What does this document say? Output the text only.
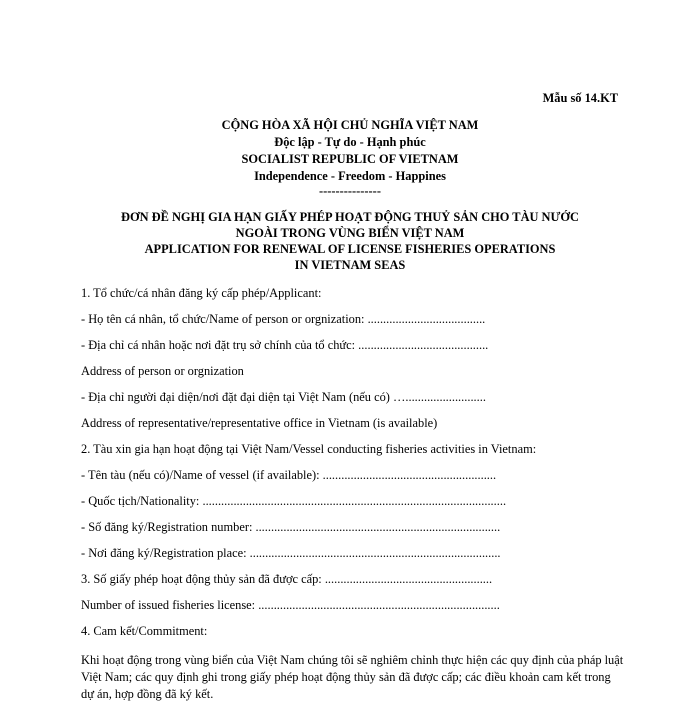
Mẫu số 14.KT
CỘNG HÒA XÃ HỘI CHỦ NGHĨA VIỆT NAM
Độc lập - Tự do - Hạnh phúc
SOCIALIST REPUBLIC OF VIETNAM
Independence - Freedom - Happines
---------------
ĐƠN ĐỀ NGHỊ GIA HẠN GIẤY PHÉP HOẠT ĐỘNG THUỶ SẢN CHO TÀU NƯỚC
NGOÀI TRONG VÙNG BIỂN VIỆT NAM
APPLICATION FOR RENEWAL OF LICENSE FISHERIES OPERATIONS
IN VIETNAM SEAS
1. Tổ chức/cá nhân đăng ký cấp phép/Applicant:
- Họ tên cá nhân, tổ chức/Name of person or orgnization: ......................................
- Địa chỉ cá nhân hoặc nơi đặt trụ sở chính của tổ chức: ..........................................
Address of person or orgnization
- Địa chỉ người đại diện/nơi đặt đại diện tại Việt Nam (nếu có) …..........................
Address of representative/representative office in Vietnam (is available)
2. Tàu xin gia hạn hoạt động tại Việt Nam/Vessel conducting fisheries activities in Vietnam:
- Tên tàu (nếu có)/Name of vessel (if available): ........................................................
- Quốc tịch/Nationality: ..................................................................................................
- Số đăng ký/Registration number: ...............................................................................
- Nơi đăng ký/Registration place: .................................................................................
3. Số giấy phép hoạt động thủy sản đã được cấp: ......................................................
Number of issued fisheries license: ..............................................................................
4. Cam kết/Commitment:
Khi hoạt động trong vùng biển của Việt Nam chúng tôi sẽ nghiêm chỉnh thực hiện các quy định của pháp luật Việt Nam; các quy định ghi trong giấy phép hoạt động thủy sản đã được cấp; các điều khoản cam kết trong dự án, hợp đồng đã ký kết.
